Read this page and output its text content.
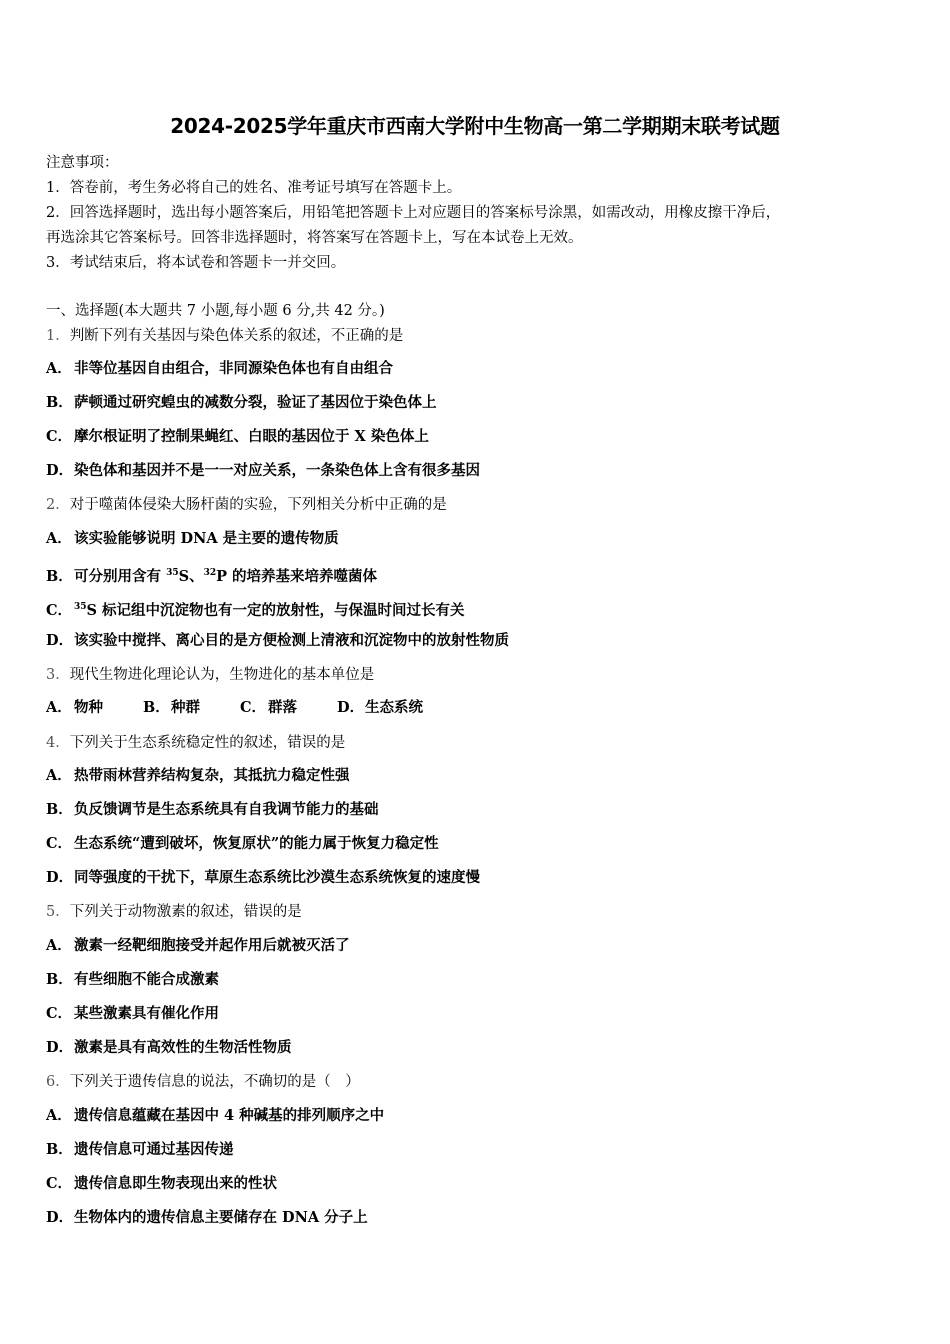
2024-2025学年重庆市西南大学附中生物高一第二学期期末联考试题
注意事项：
1．答卷前，考生务必将自己的姓名、准考证号填写在答题卡上。
2．回答选择题时，选出每小题答案后，用铅笔把答题卡上对应题目的答案标号涂黑，如需改动，用橡皮擦干净后，
再选涂其它答案标号。回答非选择题时，将答案写在答题卡上，写在本试卷上无效。
3．考试结束后，将本试卷和答题卡一并交回。
一、选择题(本大题共 7 小题,每小题 6 分,共 42 分。)
1．判断下列有关基因与染色体关系的叙述，不正确的是
A． 非等位基因自由组合，非同源染色体也有自由组合
B．萨顿通过研究蝗虫的减数分裂，验证了基因位于染色体上
C． 摩尔根证明了控制果蝇红、白眼的基因位于 X 染色体上
D．染色体和基因并不是一一对应关系，一条染色体上含有很多基因
2．对于噬菌体侵染大肠杆菌的实验，下列相关分析中正确的是
A． 该实验能够说明 DNA 是主要的遗传物质
B．可分别用含有 $^{35}$S、$^{32}$P 的培养基来培养噬菌体
C． $^{35}$S 标记组中沉淀物也有一定的放射性，与保温时间过长有关
D．该实验中搅拌、离心目的是方便检测上清液和沉淀物中的放射性物质
3．现代生物进化理论认为，生物进化的基本单位是
A． 物种	B．种群	C． 群落	D．生态系统
4．下列关于生态系统稳定性的叙述，错误的是
A． 热带雨林营养结构复杂，其抵抗力稳定性强
B．负反馈调节是生态系统具有自我调节能力的基础
C． 生态系统“遭到破坏，恢复原状”的能力属于恢复力稳定性
D．同等强度的干扰下，草原生态系统比沙漠生态系统恢复的速度慢
5．下列关于动物激素的叙述，错误的是
A． 激素一经靶细胞接受并起作用后就被灭活了
B．有些细胞不能合成激素
C． 某些激素具有催化作用
D．激素是具有高效性的生物活性物质
6．下列关于遗传信息的说法，不确切的是（　）
A． 遗传信息蕴藏在基因中 4 种碱基的排列顺序之中
B．遗传信息可通过基因传递
C． 遗传信息即生物表现出来的性状
D．生物体内的遗传信息主要储存在 DNA 分子上
